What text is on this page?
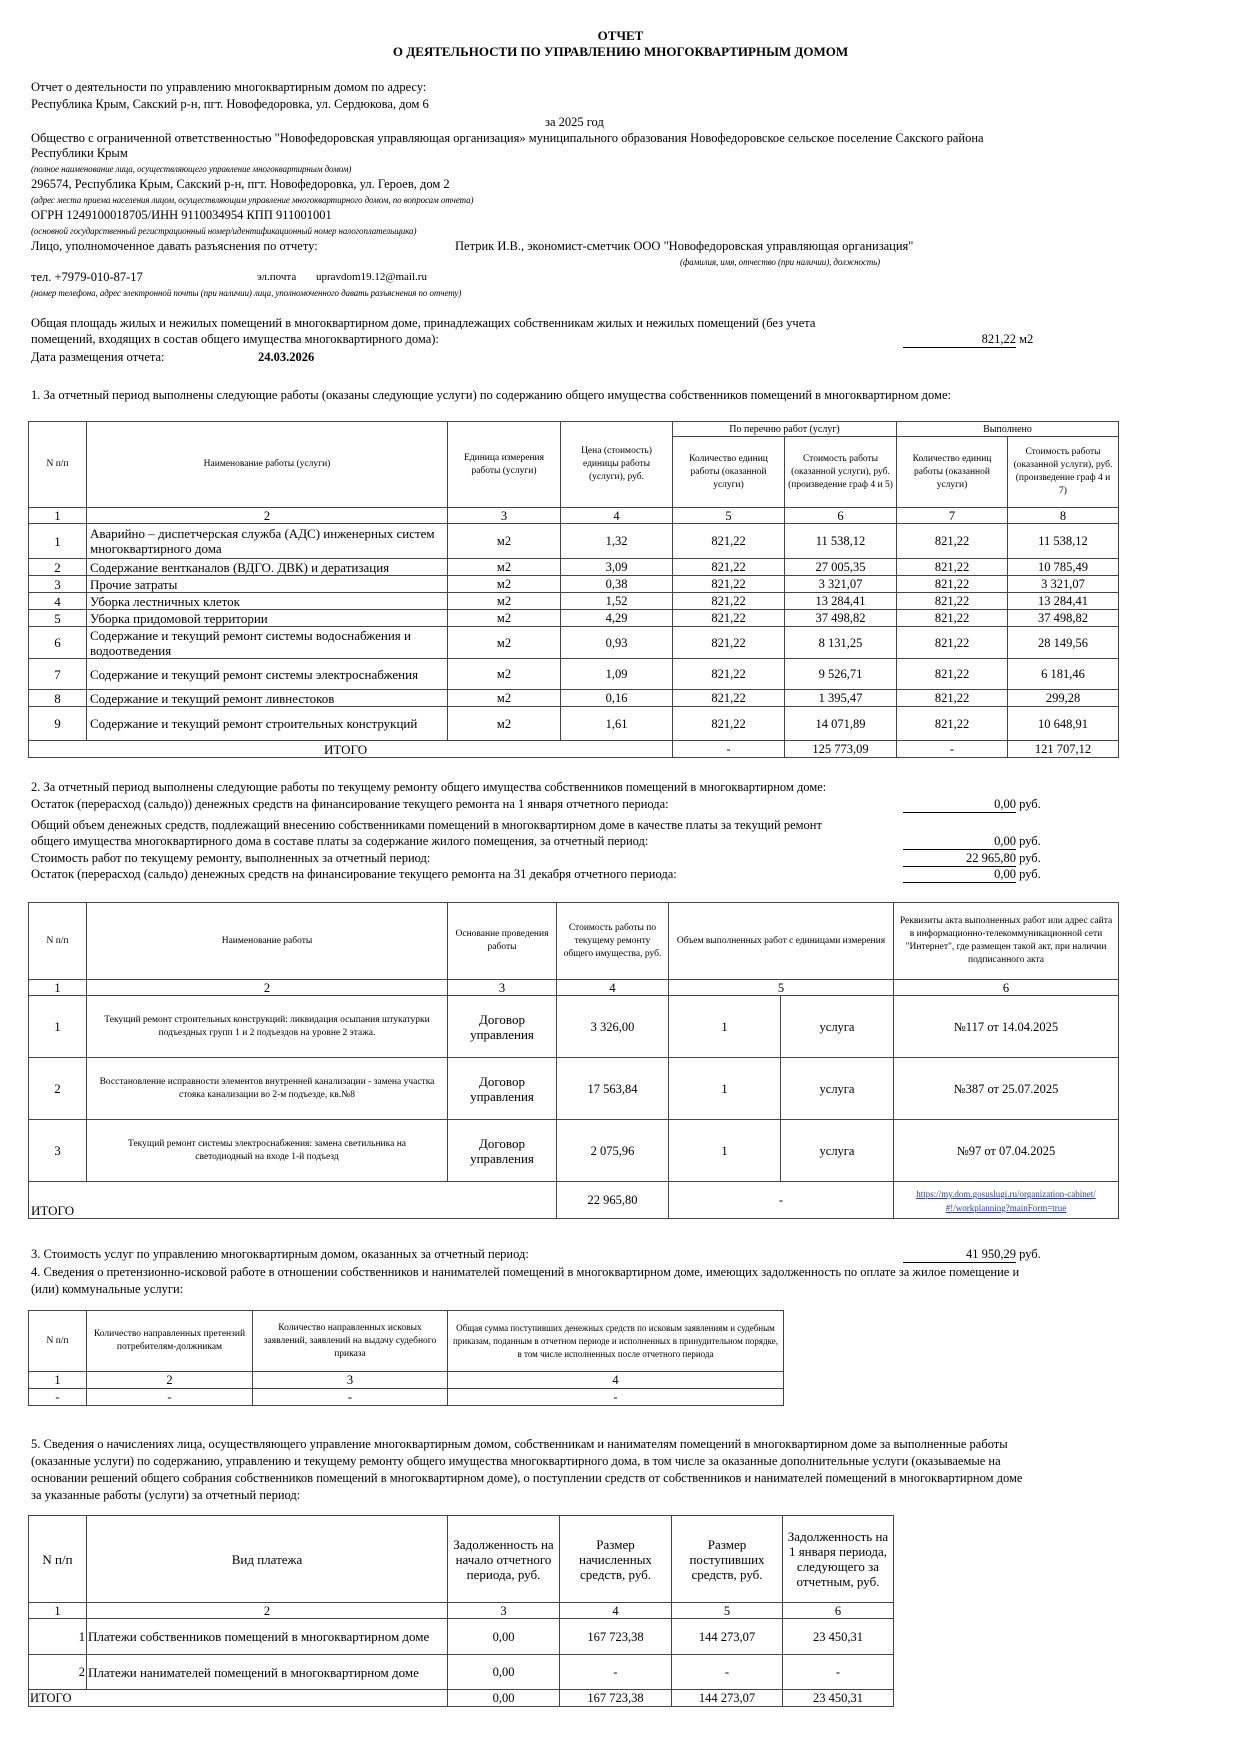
ОТЧЕТ
О ДЕЯТЕЛЬНОСТИ ПО УПРАВЛЕНИЮ МНОГОКВАРТИРНЫМ ДОМОМ
Отчет о деятельности по управлению многоквартирным домом по адресу:
Республика Крым, Сакский р-н, пгт. Новофедоровка, ул. Сердюкова, дом 6
за 2025 год
Общество с ограниченной ответственностью "Новофедоровская управляющая организация» муниципального образования Новофедоровское сельское поселение Сакского района
Республики Крым
(полное наименование лица, осуществляющего управление многоквартирным домом)
296574, Республика Крым, Сакский р-н, пгт. Новофедоровка, ул. Героев, дом 2
(адрес места приема населения лицом, осуществляющим управление многоквартирного домом, по вопросам отчета)
ОГРН 1249100018705/ИНН 9110034954 КПП 911001001
(основной государственный регистрационный номер/идентификационный номер налогоплательщика)
Лицо, уполномоченное давать разъяснения по отчету:	Петрик И.В., экономист-сметчик ООО "Новофедоровская управляющая организация"
(фамилия, имя, отчество (при наличии), должность)
тел. +7979-010-87-17	эл.почта upravdom19.12@mail.ru
(номер телефона, адрес электронной почты (при наличии) лица, уполномоченного давать разъяснения по отчету)
Общая площадь жилых и нежилых помещений в многоквартирном доме, принадлежащих собственникам жилых и нежилых помещений (без учета
помещений, входящих в состав общего имущества многоквартирного дома):	821,22 м2
Дата размещения отчета:	24.03.2026
1. За отчетный период выполнены следующие работы (оказаны следующие услуги) по содержанию общего имущества собственников помещений в многоквартирном доме:
N п/п	Наименование работы (услуги)	Единица измерения работы (услуги)	Цена (стоимость) единицы работы (услуги), руб.	По перечню работ (услуг)		Выполнено	
				Количество единиц работы (оказанной услуги)	Стоимость работы (оказанной услуги), руб. (произведение граф 4 и 5)	Количество единиц работы (оказанной услуги)	Стоимость работы (оказанной услуги), руб. (произведение граф 4 и 7)
1	2	3	4	5	6	7	8
1	Аварийно – диспетчерская служба (АДС) инженерных систем многоквартирного дома	м2	1,32	821,22	11 538,12	821,22	11 538,12
2	Содержание вентканалов (ВДГО. ДВК) и дератизация	м2	3,09	821,22	27 005,35	821,22	10 785,49
3	Прочие затраты	м2	0,38	821,22	3 321,07	821,22	3 321,07
4	Уборка лестничных клеток	м2	1,52	821,22	13 284,41	821,22	13 284,41
5	Уборка придомовой территории	м2	4,29	821,22	37 498,82	821,22	37 498,82
6	Содержание и текущий ремонт системы водоснабжения и водоотведения	м2	0,93	821,22	8 131,25	821,22	28 149,56
7	Содержание и текущий ремонт системы электроснабжения	м2	1,09	821,22	9 526,71	821,22	6 181,46
8	Содержание и текущий ремонт ливнестоков	м2	0,16	821,22	1 395,47	821,22	299,28
9	Содержание и текущий ремонт строительных конструкций	м2	1,61	821,22	14 071,89	821,22	10 648,91
ИТОГО				-	125 773,09	-	121 707,12
2. За отчетный период выполнены следующие работы по текущему ремонту общего имущества собственников помещений в многоквартирном доме:
Остаток (перерасход (сальдо)) денежных средств на финансирование текущего ремонта на 1 января отчетного периода:	0,00 руб.
Общий объем денежных средств, подлежащий внесению собственниками помещений в многоквартирном доме в качестве платы за текущий ремонт
общего имущества многоквартирного дома в составе платы за содержание жилого помещения, за отчетный период:	0,00 руб.
Стоимость работ по текущему ремонту, выполненных за отчетный период:	22 965,80 руб.
Остаток (перерасход (сальдо) денежных средств на финансирование текущего ремонта на 31 декабря отчетного периода:	0,00 руб.
N п/п	Наименование работы	Основание проведения работы	Стоимость работы по текущему ремонту общего имущества, руб.	Объем выполненных работ с единицами измерения		Реквизиты акта выполненных работ или адрес сайта в информационно-телекоммуникационной сети "Интернет", где размещен такой акт, при наличии подписанного акта
1	2	3	4	5		6
1	Текущий ремонт строительных конструкций: ликвидация осыпания штукатурки подъездных групп 1 и 2 подъездов на уровне 2 этажа.	Договор управления	3 326,00	1	услуга	№117 от 14.04.2025
2	Восстановление исправности элементов внутренней канализации - замена участка стояка канализации во 2-м подъезде, кв.№8	Договор управления	17 563,84	1	услуга	№387 от 25.07.2025
3	Текущий ремонт системы электроснабжения: замена светильника на светодиодный на входе 1-й подъезд	Договор управления	2 075,96	1	услуга	№97 от 07.04.2025
ИТОГО			22 965,80	-		https://my.dom.gosuslugi.ru/organization-cabinet/#!/workplanning?mainForm=true
3. Стоимость услуг по управлению многоквартирным домом, оказанных за отчетный период:	41 950,29 руб.
4. Сведения о претензионно-исковой работе в отношении собственников и нанимателей помещений в многоквартирном доме, имеющих задолженность по оплате за жилое помещение и
(или) коммунальные услуги:
N п/п	Количество направленных претензий потребителям-должникам	Количество направленных исковых заявлений, заявлений на выдачу судебного приказа	Общая сумма поступивших денежных средств по исковым заявлениям и судебным приказам, поданным в отчетном периоде и исполненных в принудительном порядке, в том числе исполненных после отчетного периода
1	2	3	4
-	-	-	-
5. Сведения о начислениях лица, осуществляющего управление многоквартирным домом, собственникам и нанимателям помещений в многоквартирном доме за выполненные работы
(оказанные услуги) по содержанию, управлению и текущему ремонту общего имущества многоквартирного дома, в том числе за оказанные дополнительные услуги (оказываемые на
основании решений общего собрания собственников помещений в многоквартирном доме), о поступлении средств от собственников и нанимателей помещений в многоквартирном доме
за указанные работы (услуги) за отчетный период:
N п/п	Вид платежа	Задолженность на начало отчетного периода, руб.	Размер начисленных средств, руб.	Размер поступивших средств, руб.	Задолженность на 1 января периода, следующего за отчетным, руб.
1	2	3	4	5	6
1	Платежи собственников помещений в многоквартирном доме	0,00	167 723,38	144 273,07	23 450,31
2	Платежи нанимателей помещений в многоквартирном доме	0,00	-	-	-
ИТОГО		0,00	167 723,38	144 273,07	23 450,31
